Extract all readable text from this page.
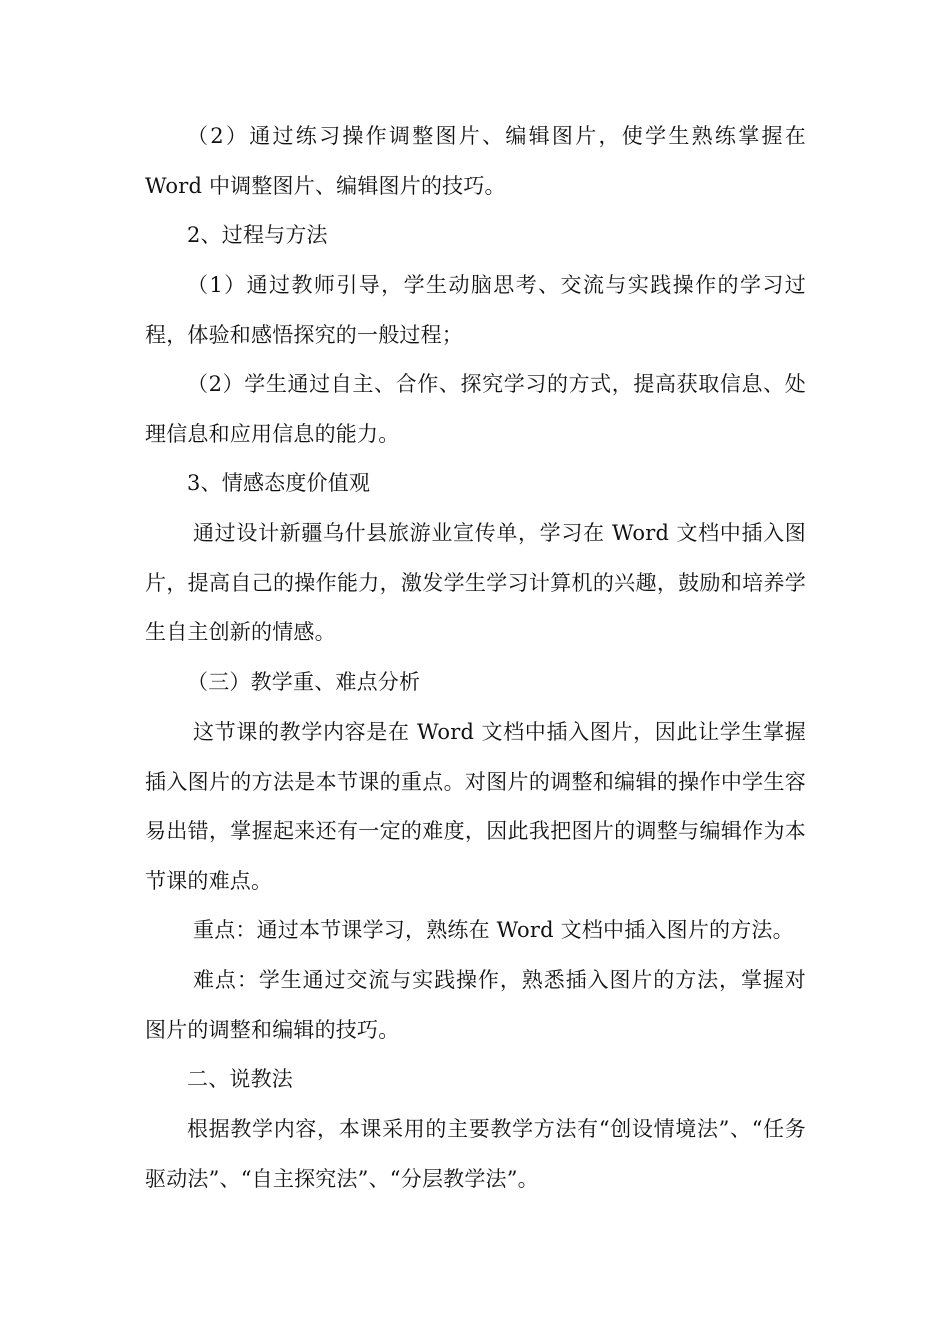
（2）通过练习操作调整图片、编辑图片，使学生熟练掌握在 Word 中调整图片、编辑图片的技巧。

2、过程与方法

（1）通过教师引导，学生动脑思考、交流与实践操作的学习过程，体验和感悟探究的一般过程；

（2）学生通过自主、合作、探究学习的方式，提高获取信息、处理信息和应用信息的能力。

3、情感态度价值观

通过设计新疆乌什县旅游业宣传单，学习在 Word 文档中插入图片，提高自己的操作能力，激发学生学习计算机的兴趣，鼓励和培养学生自主创新的情感。

（三）教学重、难点分析

这节课的教学内容是在 Word 文档中插入图片，因此让学生掌握插入图片的方法是本节课的重点。对图片的调整和编辑的操作中学生容易出错，掌握起来还有一定的难度，因此我把图片的调整与编辑作为本节课的难点。

重点：通过本节课学习，熟练在 Word 文档中插入图片的方法。

难点：学生通过交流与实践操作，熟悉插入图片的方法，掌握对图片的调整和编辑的技巧。

二、说教法

根据教学内容，本课采用的主要教学方法有“创设情境法”、“任务驱动法”、“自主探究法”、“分层教学法”。
